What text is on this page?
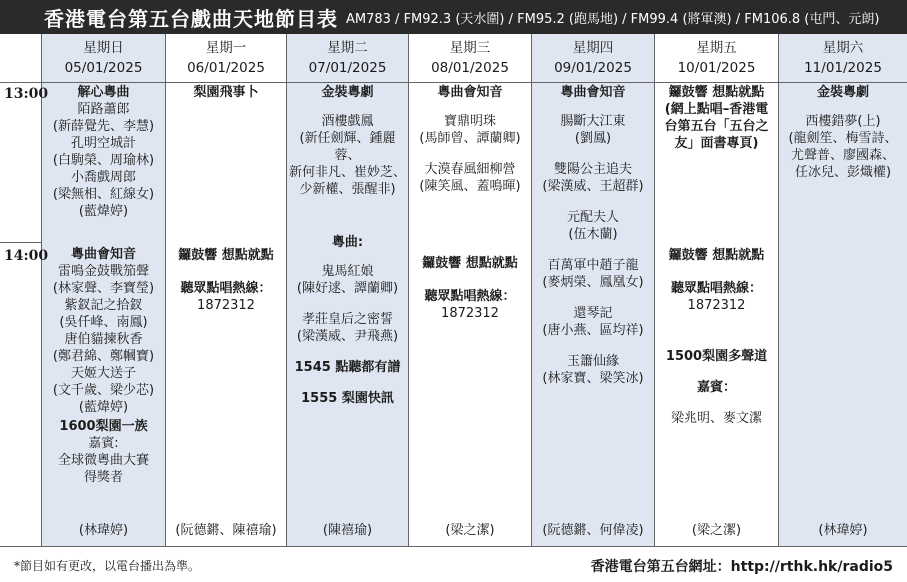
香港電台第五台戲曲天地節目表 AM783 / FM92.3 (天水圍) / FM95.2 (跑馬地) / FM99.4 (將軍澳) / FM106.8 (屯門、元朗)
星期日
05/01/2025
解心粵曲
陌路蕭郎
(新薛覺先、李慧)
孔明空城計
(白駒榮、周瑜林)
小喬戲周郎
(梁無相、紅線女)
(藍煒婷)
粵曲會知音
雷鳴金鼓戰笳聲
(林家聲、李寶瑩)
紫釵記之拾釵
(吳仟峰、南鳳)
唐伯貓揀秋香
(鄭君綿、鄭幗寶)
天姬大送子
(文千歲、梁少芯)
(藍煒婷)
1600梨園一族
嘉賓:
全球微粵曲大賽
得獎者
(林瑋婷)
星期一
06/01/2025
梨園飛事卜
鑼鼓響 想點就點
聽眾點唱熱線：
1872312
(阮德鏘、陳禧瑜)
星期二
07/01/2025
金裝粵劇
酒樓戲鳳
(新任劍輝、鍾麗蓉、
新何非凡、崔妙芝、
少新權、張醒非)
粵曲:
鬼馬紅娘
(陳好逑、譚蘭卿)
孝莊皇后之密誓
(梁漢威、尹飛燕)
1545 點聽都有譜
1555 梨園快訊
(陳禧瑜)
星期三
08/01/2025
粵曲會知音
寶鼎明珠
(馬師曾、譚蘭卿)
大漠春風細柳營
(陳笑風、蓋鳴暉)
鑼鼓響 想點就點
聽眾點唱熱線：
1872312
(梁之潔)
星期四
09/01/2025
粵曲會知音
腸斷大江東
(劉鳳)
雙陽公主追夫
(梁漢威、王超群)
元配夫人
(伍木蘭)
百萬軍中趙子龍
(麥炳榮、鳳凰女)
還琴記
(唐小燕、區均祥)
玉簫仙緣
(林家寶、梁笑冰)
(阮德鏘、何偉凌)
星期五
10/01/2025
鑼鼓響 想點就點
(網上點唱–香港電
台第五台「五台之
友」面書專頁)
鑼鼓響 想點就點
聽眾點唱熱線：
1872312
1500梨園多聲道
嘉賓：
梁兆明、麥文潔
(梁之潔)
星期六
11/01/2025
金裝粵劇
西樓錯夢(上)
(龍劍笙、梅雪詩、
尤聲普、廖國森、
任冰兒、彭熾權)
(林瑋婷)
13:00
14:00
*節目如有更改，以電台播出為準。	香港電台第五台網址：http://rthk.hk/radio5
